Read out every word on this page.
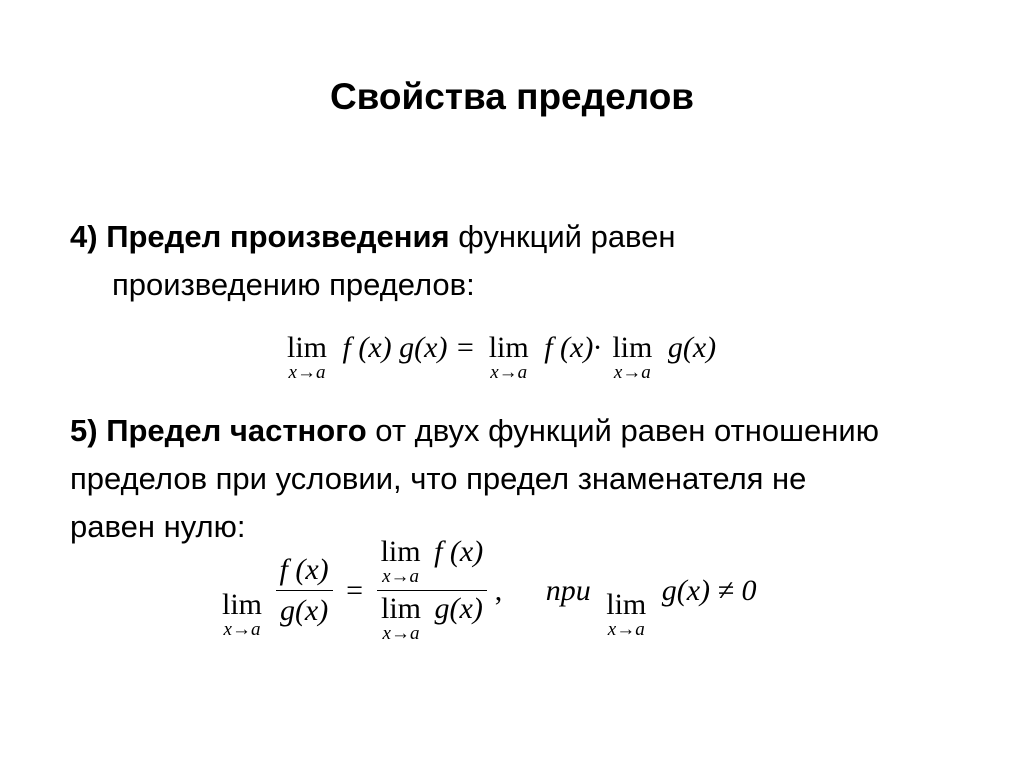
Свойства пределов
4) Предел произведения функций равен
произведению пределов:
lim
x→a
f (x) g(x) = lim
x→a
f (x)· lim
x→a
g(x)
5) Предел частного от двух функций равен отношению
пределов при условии, что предел знаменателя не
равен нулю:
lim
x→a

$\frac{f (x)}{g(x)} = \lim$
x→a
f (x)
lim
x→a
g(x) , при lim
x→a
g(x) ≠ 0
